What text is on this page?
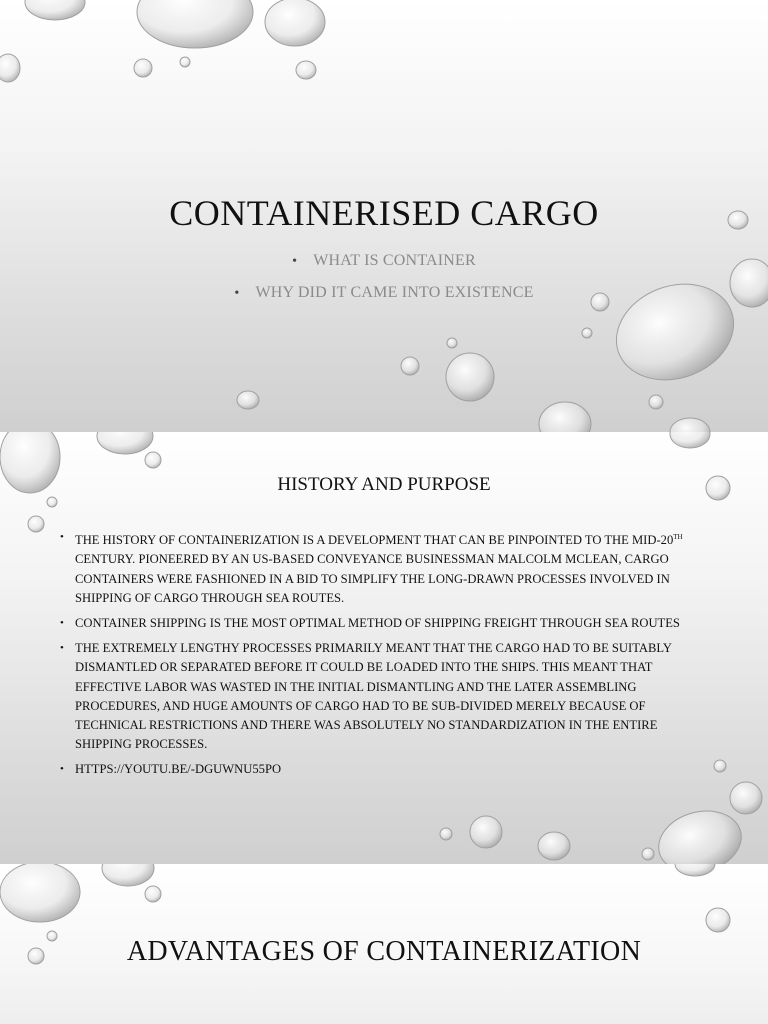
CONTAINERISED CARGO
• WHAT IS CONTAINER
• WHY DID IT CAME INTO EXISTENCE
HISTORY AND PURPOSE
• THE HISTORY OF CONTAINERIZATION IS A DEVELOPMENT THAT CAN BE PINPOINTED TO THE MID-20TH CENTURY. PIONEERED BY AN US-BASED CONVEYANCE BUSINESSMAN MALCOLM MCLEAN, CARGO CONTAINERS WERE FASHIONED IN A BID TO SIMPLIFY THE LONG-DRAWN PROCESSES INVOLVED IN SHIPPING OF CARGO THROUGH SEA ROUTES.
• CONTAINER SHIPPING IS THE MOST OPTIMAL METHOD OF SHIPPING FREIGHT THROUGH SEA ROUTES
• THE EXTREMELY LENGTHY PROCESSES PRIMARILY MEANT THAT THE CARGO HAD TO BE SUITABLY DISMANTLED OR SEPARATED BEFORE IT COULD BE LOADED INTO THE SHIPS. THIS MEANT THAT EFFECTIVE LABOR WAS WASTED IN THE INITIAL DISMANTLING AND THE LATER ASSEMBLING PROCEDURES, AND HUGE AMOUNTS OF CARGO HAD TO BE SUB-DIVIDED MERELY BECAUSE OF TECHNICAL RESTRICTIONS AND THERE WAS ABSOLUTELY NO STANDARDIZATION IN THE ENTIRE SHIPPING PROCESSES.
• HTTPS://YOUTU.BE/-DGUWNU55PO
ADVANTAGES OF CONTAINERIZATION
